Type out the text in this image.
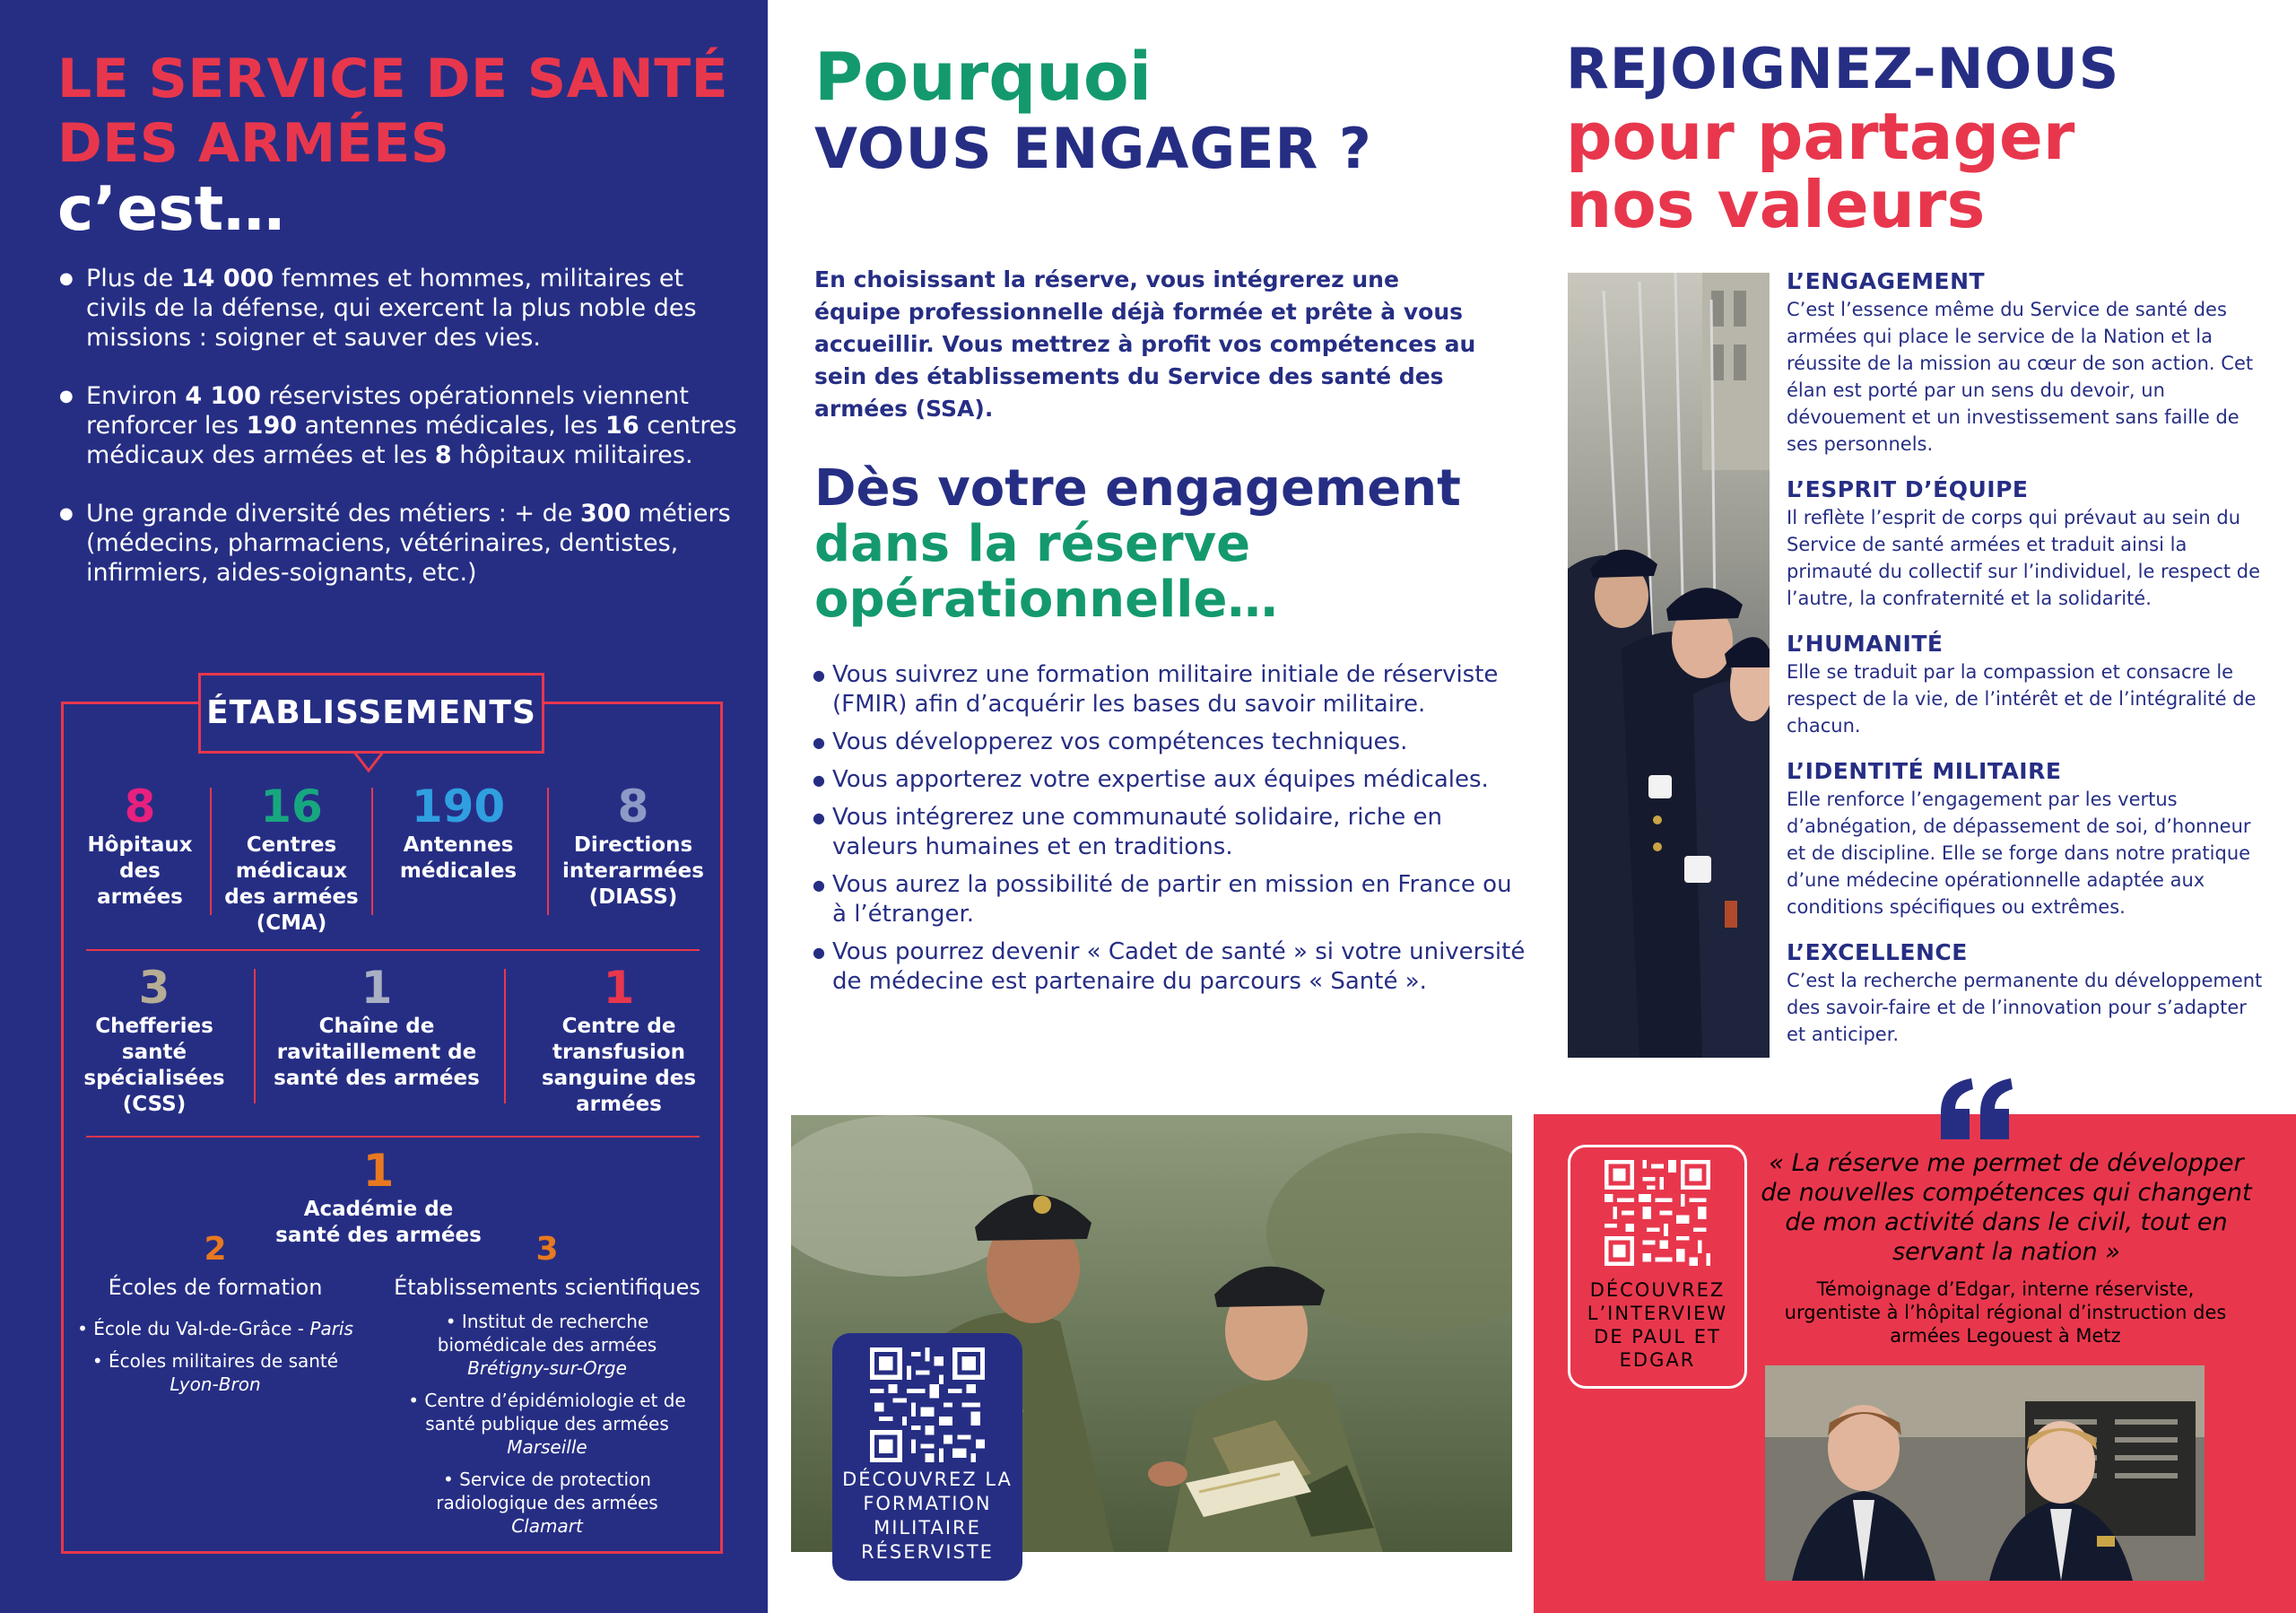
LE SERVICE DE SANTÉ
DES ARMÉES
c’est…
● Plus de 14 000 femmes et hommes, militaires et civils de la défense, qui exercent la plus noble des missions : soigner et sauver des vies.
● Environ 4 100 réservistes opérationnels viennent renforcer les 190 antennes médicales, les 16 centres médicaux des armées et les 8 hôpitaux militaires.
● Une grande diversité des métiers : + de 300 métiers (médecins, pharmaciens, vétérinaires, dentistes, infirmiers, aides-soignants, etc.)
ÉTABLISSEMENTS
8
Hôpitaux des armées
16
Centres médicaux des armées (CMA)
190
Antennes médicales
8
Directions interarmées (DIASS)
3
Chefferies santé spécialisées (CSS)
1
Chaîne de ravitaillement de santé des armées
1
Centre de transfusion sanguine des armées
1
Académie de santé des armées
2
Écoles de formation
• École du Val-de-Grâce - Paris
• Écoles militaires de santé
Lyon-Bron
3
Établissements scientifiques
• Institut de recherche biomédicale des armées
Brétigny-sur-Orge
• Centre d’épidémiologie et de santé publique des armées
Marseille
• Service de protection radiologique des armées
Clamart
Pourquoi
VOUS ENGAGER ?

En choisissant la réserve, vous intégrerez une équipe professionnelle déjà formée et prête à vous accueillir. Vous mettrez à profit vos compétences au sein des établissements du Service des santé des armées (SSA).

Dès votre engagement
dans la réserve opérationnelle…
● Vous suivrez une formation militaire initiale de réserviste (FMIR) afin d’acquérir les bases du savoir militaire.
● Vous développerez vos compétences techniques.
● Vous apporterez votre expertise aux équipes médicales.
● Vous intégrerez une communauté solidaire, riche en valeurs humaines et en traditions.
● Vous aurez la possibilité de partir en mission en France ou à l’étranger.
● Vous pourrez devenir « Cadet de santé » si votre université de médecine est partenaire du parcours « Santé ».
DÉCOUVREZ LA FORMATION MILITAIRE RÉSERVISTE
REJOIGNEZ-NOUS
pour partager
nos valeurs
L’ENGAGEMENT

C’est l’essence même du Service de santé des armées qui place le service de la Nation et la réussite de la mission au cœur de son action. Cet élan est porté par un sens du devoir, un dévouement et un investissement sans faille de ses personnels.

L’ESPRIT D’ÉQUIPE

Il reflète l’esprit de corps qui prévaut au sein du Service de santé armées et traduit ainsi la primauté du collectif sur l’individuel, le respect de l’autre, la confraternité et la solidarité.

L’HUMANITÉ

Elle se traduit par la compassion et consacre le respect de la vie, de l’intérêt et de l’intégralité de chacun.

L’IDENTITÉ MILITAIRE

Elle renforce l’engagement par les vertus d’abnégation, de dépassement de soi, d’honneur et de discipline. Elle se forge dans notre pratique d’une médecine opérationnelle adaptée aux conditions spécifiques ou extrêmes.

L’EXCELLENCE

C’est la recherche permanente du développement des savoir-faire et de l’innovation pour s’adapter et anticiper.

DÉCOUVREZ L’INTERVIEW DE PAUL ET EDGAR

« La réserve me permet de développer de nouvelles compétences qui changent de mon activité dans le civil, tout en servant la nation »

Témoignage d’Edgar, interne réserviste, urgentiste à l’hôpital régional d’instruction des armées Legouest à Metz
